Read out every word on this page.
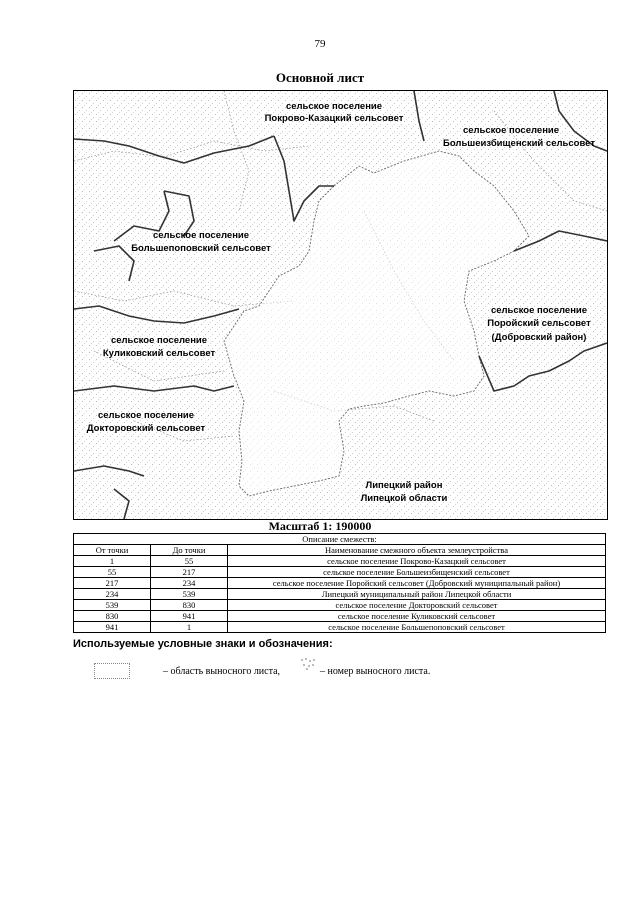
79
Основной лист
сельское поселение
Покрово-Казацкий сельсовет
сельское поселение
Большеизбищенский сельсовет
сельское поселение
Большепоповский сельсовет
сельское поселение
Поройский сельсовет
(Добровский район)
сельское поселение
Куликовский сельсовет
сельское поселение
Докторовский сельсовет
Липецкий район
Липецкой области
Масштаб 1: 190000
Описание смежеств:		
От точки	До точки	Наименование смежного объекта землеустройства
1	55	сельское поселение Покрово-Казацкий сельсовет
55	217	сельское поселение Большеизбищенский сельсовет
217	234	сельское поселение Поройский сельсовет (Добровский муниципальный район)
234	539	Липецкий муниципальный район Липецкой области
539	830	сельское поселение Докторовский сельсовет
830	941	сельское поселение Куликовский сельсовет
941	1	сельское поселение Большепоповский сельсовет
Используемые условные знаки и обозначения:
– область выносного листа,	– номер выносного листа.
